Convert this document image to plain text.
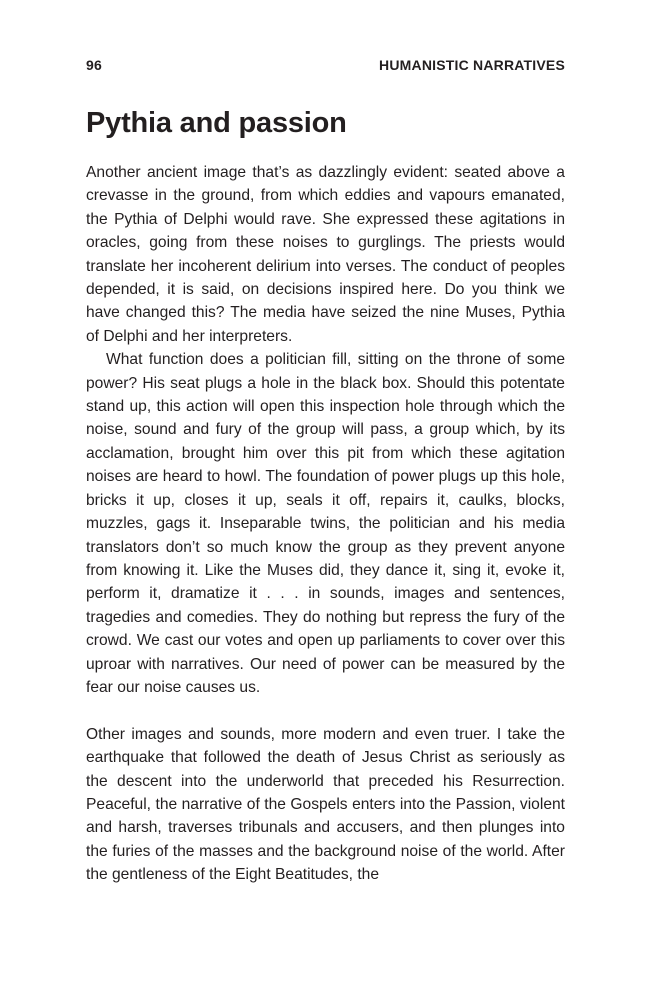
96	HUMANISTIC NARRATIVES
Pythia and passion

Another ancient image that’s as dazzlingly evident: seated above a crevasse in the ground, from which eddies and vapours emanated, the Pythia of Delphi would rave. She expressed these agitations in oracles, going from these noises to gurglings. The priests would translate her incoherent delirium into verses. The conduct of peoples depended, it is said, on decisions inspired here. Do you think we have changed this? The media have seized the nine Muses, Pythia of Delphi and her interpreters.

What function does a politician fill, sitting on the throne of some power? His seat plugs a hole in the black box. Should this potentate stand up, this action will open this inspection hole through which the noise, sound and fury of the group will pass, a group which, by its acclamation, brought him over this pit from which these agitation noises are heard to howl. The foundation of power plugs up this hole, bricks it up, closes it up, seals it off, repairs it, caulks, blocks, muzzles, gags it. Inseparable twins, the politician and his media translators don’t so much know the group as they prevent anyone from knowing it. Like the Muses did, they dance it, sing it, evoke it, perform it, dramatize it . . . in sounds, images and sentences, tragedies and comedies. They do nothing but repress the fury of the crowd. We cast our votes and open up parliaments to cover over this uproar with narratives. Our need of power can be measured by the fear our noise causes us.

Other images and sounds, more modern and even truer. I take the earthquake that followed the death of Jesus Christ as seriously as the descent into the underworld that preceded his Resurrection. Peaceful, the narrative of the Gospels enters into the Passion, violent and harsh, traverses tribunals and accusers, and then plunges into the furies of the masses and the background noise of the world. After the gentleness of the Eight Beatitudes, the
